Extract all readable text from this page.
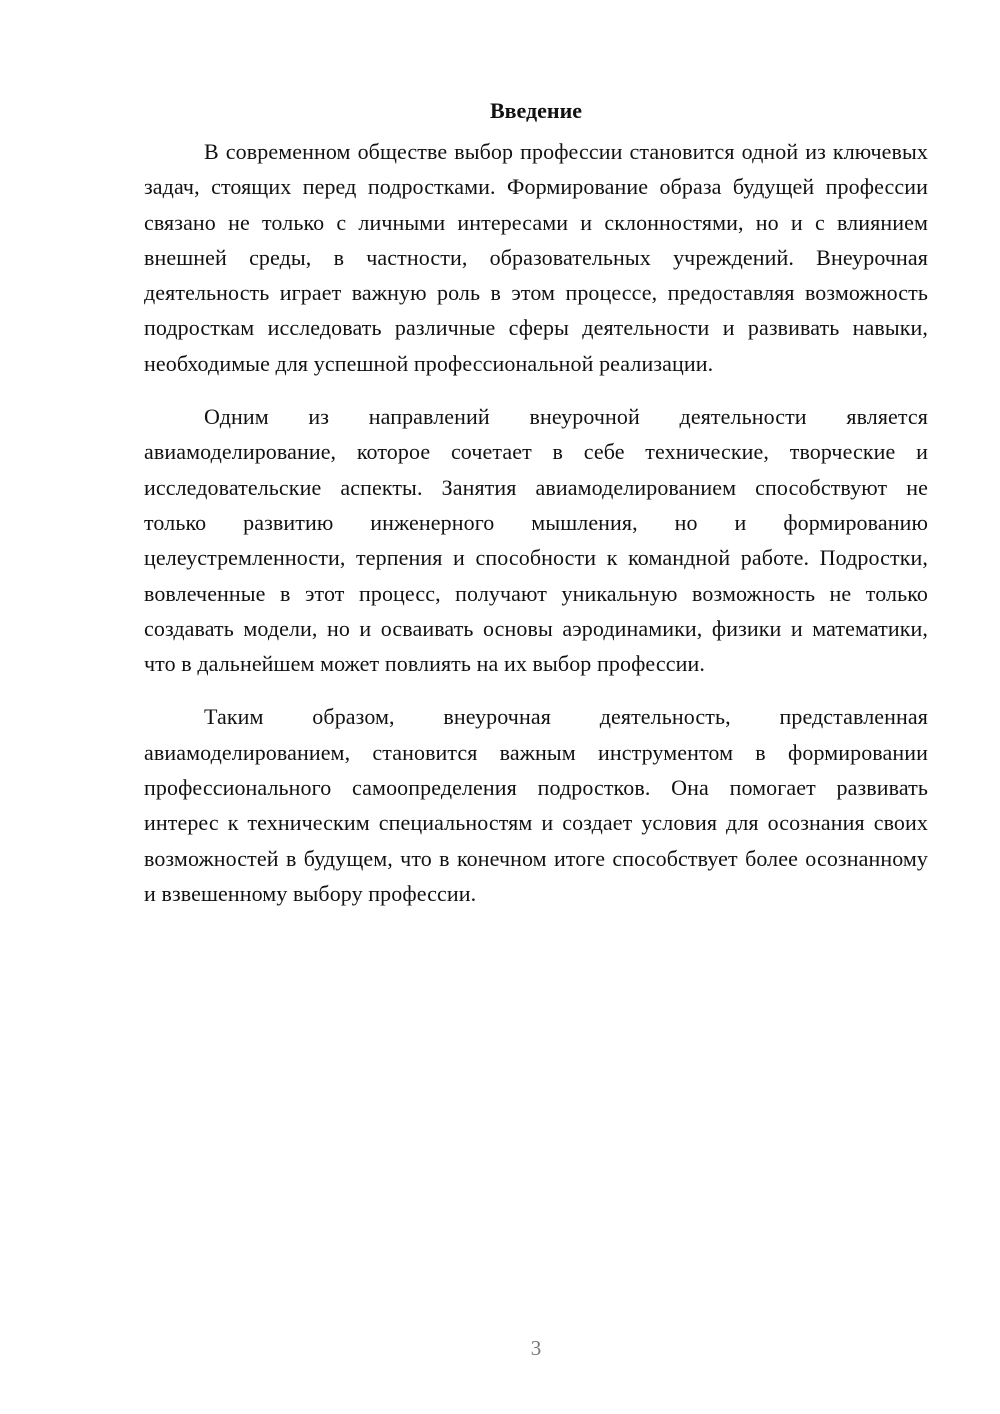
Введение

В современном обществе выбор профессии становится одной из ключевых задач, стоящих перед подростками. Формирование образа будущей профессии связано не только с личными интересами и склонностями, но и с влиянием внешней среды, в частности, образовательных учреждений. Внеурочная деятельность играет важную роль в этом процессе, предоставляя возможность подросткам исследовать различные сферы деятельности и развивать навыки, необходимые для успешной профессиональной реализации.

Одним из направлений внеурочной деятельности является авиамоделирование, которое сочетает в себе технические, творческие и исследовательские аспекты. Занятия авиамоделированием способствуют не только развитию инженерного мышления, но и формированию целеустремленности, терпения и способности к командной работе. Подростки, вовлеченные в этот процесс, получают уникальную возможность не только создавать модели, но и осваивать основы аэродинамики, физики и математики, что в дальнейшем может повлиять на их выбор профессии.

Таким образом, внеурочная деятельность, представленная авиамоделированием, становится важным инструментом в формировании профессионального самоопределения подростков. Она помогает развивать интерес к техническим специальностям и создает условия для осознания своих возможностей в будущем, что в конечном итоге способствует более осознанному и взвешенному выбору профессии.

3
